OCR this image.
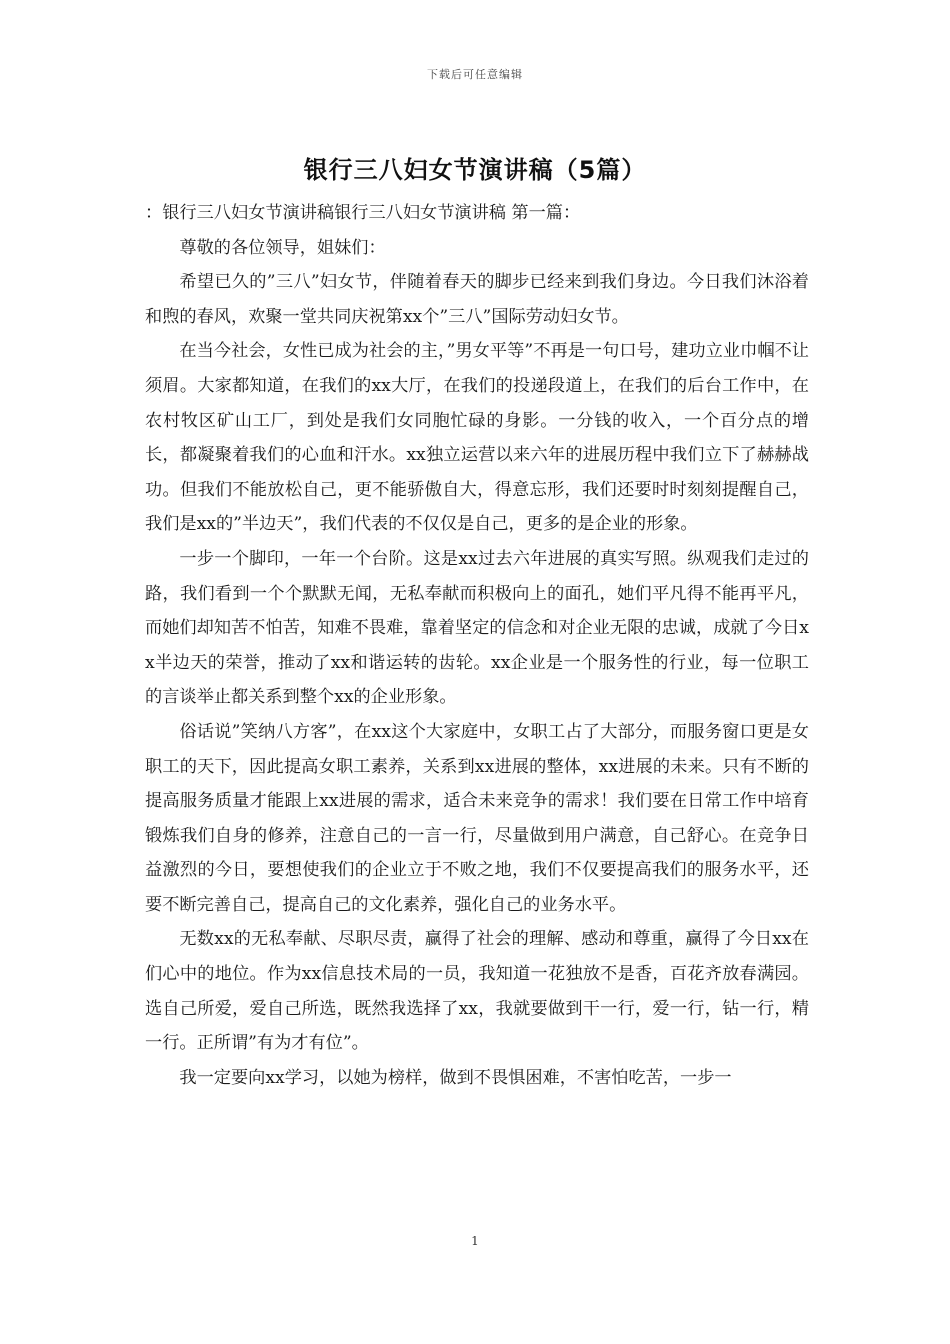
下载后可任意编辑
银行三八妇女节演讲稿（5篇）

：银行三八妇女节演讲稿银行三八妇女节演讲稿 第一篇：

尊敬的各位领导，姐妹们：

希望已久的”三八”妇女节，伴随着春天的脚步已经来到我们身边。今日我们沐浴着和煦的春风，欢聚一堂共同庆祝第xx个”三八”国际劳动妇女节。

在当今社会，女性已成为社会的主，”男女平等”不再是一句口号，建功立业巾帼不让须眉。大家都知道，在我们的xx大厅，在我们的投递段道上，在我们的后台工作中，在农村牧区矿山工厂，到处是我们女同胞忙碌的身影。一分钱的收入，一个百分点的增长，都凝聚着我们的心血和汗水。xx独立运营以来六年的进展历程中我们立下了赫赫战功。但我们不能放松自己，更不能骄傲自大，得意忘形，我们还要时时刻刻提醒自己，我们是xx的”半边天”，我们代表的不仅仅是自己，更多的是企业的形象。

一步一个脚印，一年一个台阶。这是xx过去六年进展的真实写照。纵观我们走过的路，我们看到一个个默默无闻，无私奉献而积极向上的面孔，她们平凡得不能再平凡，而她们却知苦不怕苦，知难不畏难，靠着坚定的信念和对企业无限的忠诚，成就了今日xx半边天的荣誉，推动了xx和谐运转的齿轮。xx企业是一个服务性的行业，每一位职工的言谈举止都关系到整个xx的企业形象。

俗话说”笑纳八方客”，在xx这个大家庭中，女职工占了大部分，而服务窗口更是女职工的天下，因此提高女职工素养，关系到xx进展的整体，xx进展的未来。只有不断的提高服务质量才能跟上xx进展的需求，适合未来竞争的需求！我们要在日常工作中培育锻炼我们自身的修养，注意自己的一言一行，尽量做到用户满意，自己舒心。在竞争日益激烈的今日，要想使我们的企业立于不败之地，我们不仅要提高我们的服务水平，还要不断完善自己，提高自己的文化素养，强化自己的业务水平。

无数xx的无私奉献、尽职尽责，赢得了社会的理解、感动和尊重，赢得了今日xx在们心中的地位。作为xx信息技术局的一员，我知道一花独放不是香，百花齐放春满园。选自己所爱，爱自己所选，既然我选择了xx，我就要做到干一行，爱一行，钻一行，精一行。正所谓”有为才有位”。

我一定要向xx学习，以她为榜样，做到不畏惧困难，不害怕吃苦，一步一

1
